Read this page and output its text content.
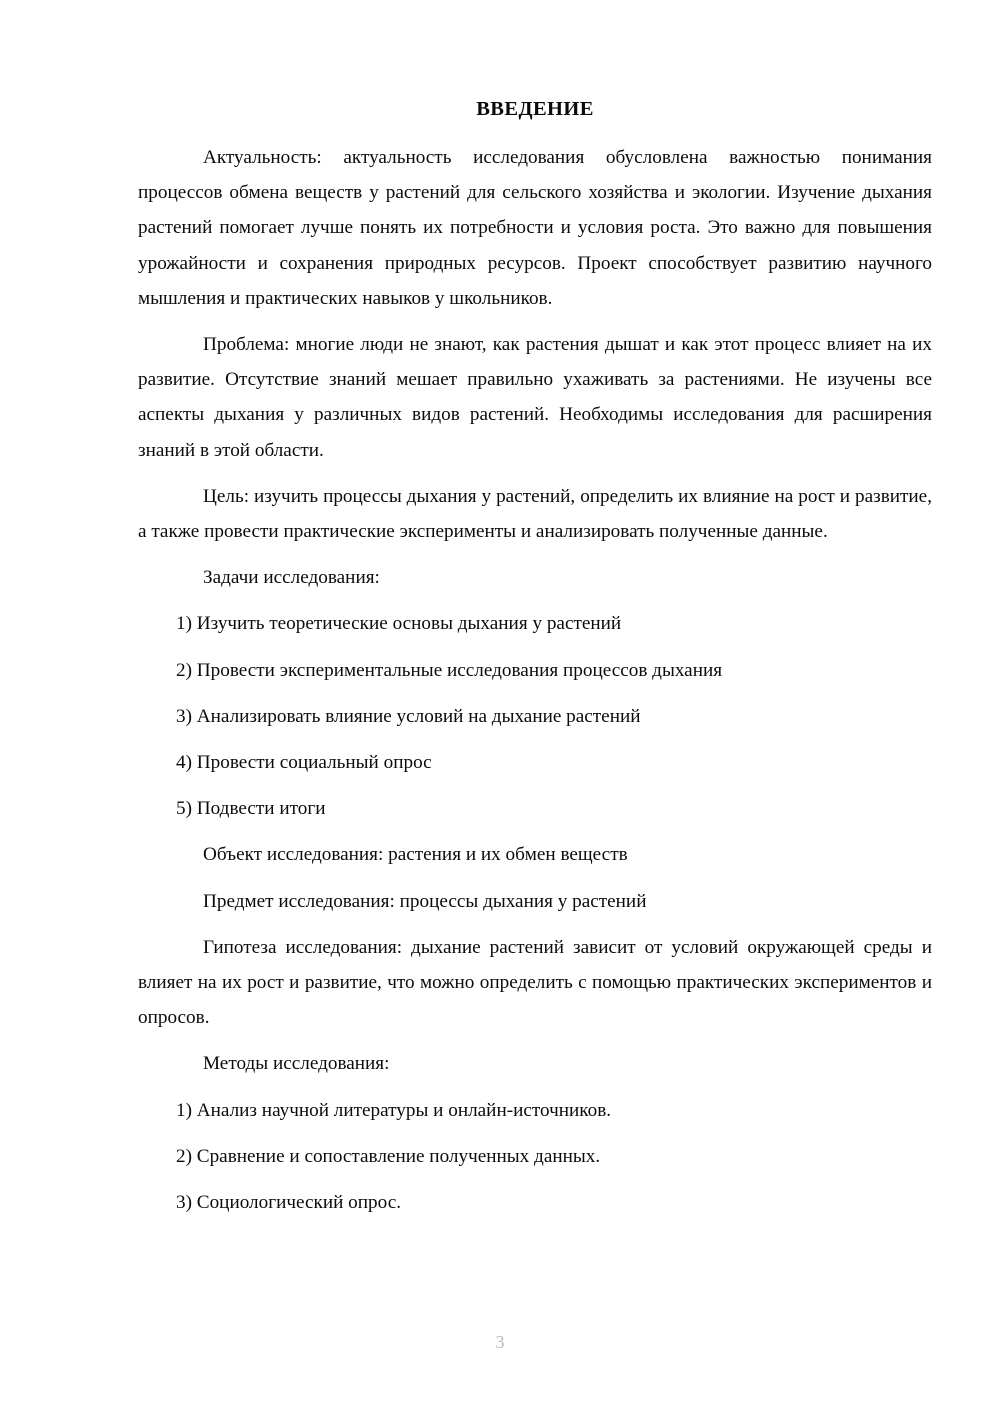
ВВЕДЕНИЕ

Актуальность: актуальность исследования обусловлена важностью понимания процессов обмена веществ у растений для сельского хозяйства и экологии. Изучение дыхания растений помогает лучше понять их потребности и условия роста. Это важно для повышения урожайности и сохранения природных ресурсов. Проект способствует развитию научного мышления и практических навыков у школьников.

Проблема: многие люди не знают, как растения дышат и как этот процесс влияет на их развитие. Отсутствие знаний мешает правильно ухаживать за растениями. Не изучены все аспекты дыхания у различных видов растений. Необходимы исследования для расширения знаний в этой области.

Цель: изучить процессы дыхания у растений, определить их влияние на рост и развитие, а также провести практические эксперименты и анализировать полученные данные.

Задачи исследования:

1) Изучить теоретические основы дыхания у растений

2) Провести экспериментальные исследования процессов дыхания

3) Анализировать влияние условий на дыхание растений

4) Провести социальный опрос

5) Подвести итоги

Объект исследования: растения и их обмен веществ

Предмет исследования: процессы дыхания у растений

Гипотеза исследования: дыхание растений зависит от условий окружающей среды и влияет на их рост и развитие, что можно определить с помощью практических экспериментов и опросов.

Методы исследования:

1) Анализ научной литературы и онлайн-источников.

2) Сравнение и сопоставление полученных данных.

3) Социологический опрос.

3
